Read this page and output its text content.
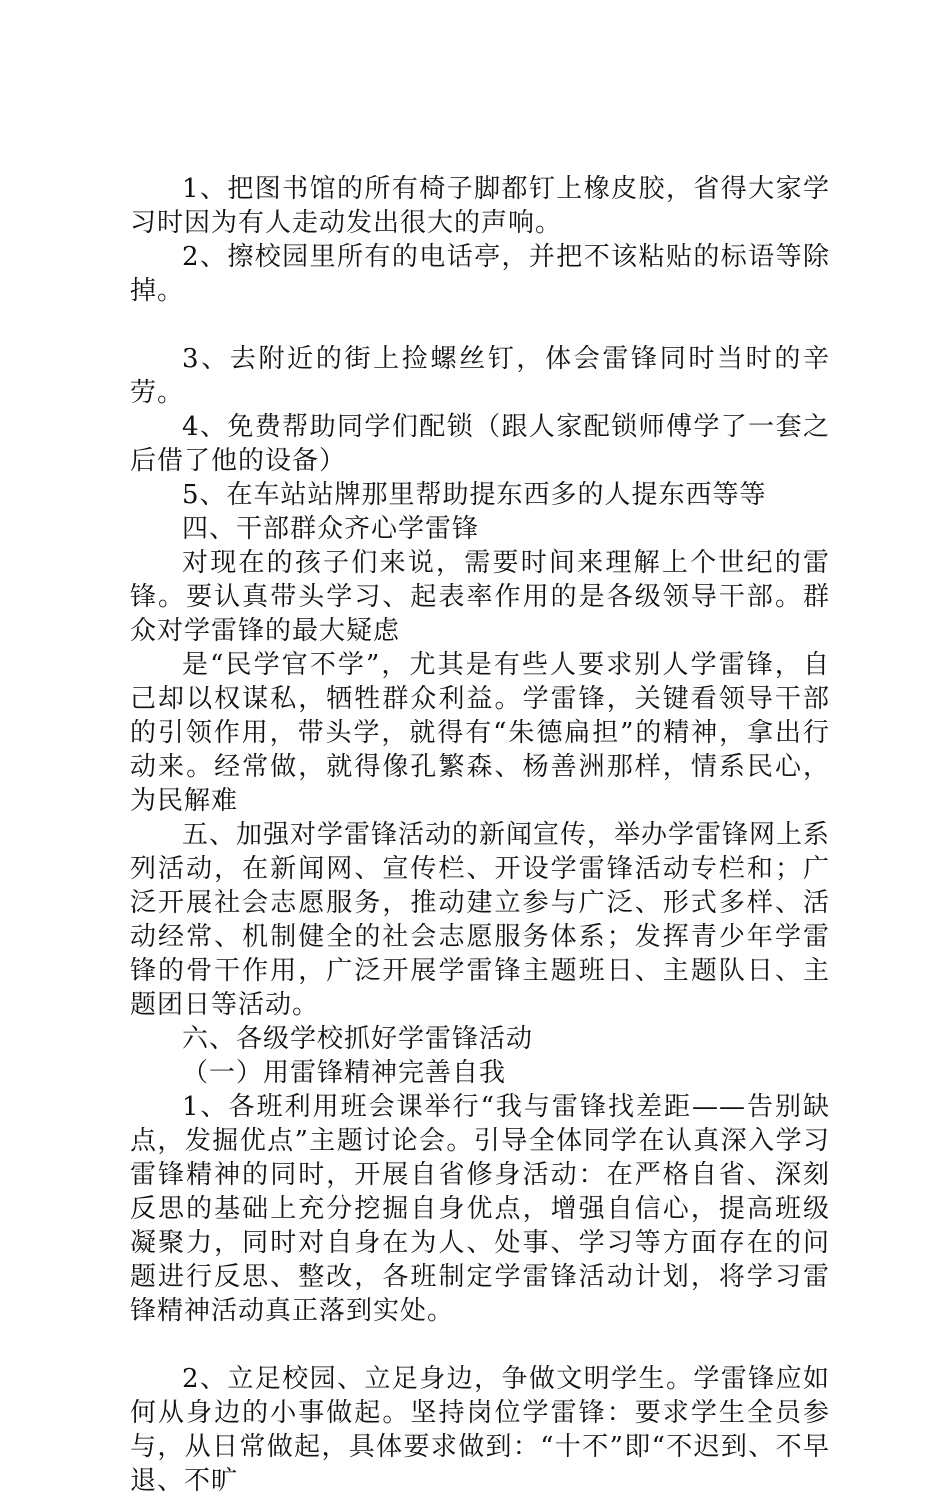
1、把图书馆的所有椅子脚都钉上橡皮胶，省得大家学习时因为有人走动发出很大的声响。

2、擦校园里所有的电话亭，并把不该粘贴的标语等除掉。

3、去附近的街上捡螺丝钉，体会雷锋同时当时的辛劳。

4、免费帮助同学们配锁（跟人家配锁师傅学了一套之后借了他的设备）

5、在车站站牌那里帮助提东西多的人提东西等等

四、干部群众齐心学雷锋

对现在的孩子们来说，需要时间来理解上个世纪的雷锋。要认真带头学习、起表率作用的是各级领导干部。群众对学雷锋的最大疑虑

是“民学官不学”，尤其是有些人要求别人学雷锋，自己却以权谋私，牺牲群众利益。学雷锋，关键看领导干部的引领作用，带头学，就得有“朱德扁担”的精神，拿出行动来。经常做，就得像孔繁森、杨善洲那样，情系民心，为民解难

五、加强对学雷锋活动的新闻宣传，举办学雷锋网上系列活动，在新闻网、宣传栏、开设学雷锋活动专栏和；广泛开展社会志愿服务，推动建立参与广泛、形式多样、活动经常、机制健全的社会志愿服务体系；发挥青少年学雷锋的骨干作用，广泛开展学雷锋主题班日、主题队日、主题团日等活动。

六、各级学校抓好学雷锋活动

（一）用雷锋精神完善自我

1、各班利用班会课举行“我与雷锋找差距——告别缺点，发掘优点”主题讨论会。引导全体同学在认真深入学习雷锋精神的同时，开展自省修身活动：在严格自省、深刻反思的基础上充分挖掘自身优点，增强自信心，提高班级凝聚力，同时对自身在为人、处事、学习等方面存在的问题进行反思、整改，各班制定学雷锋活动计划，将学习雷锋精神活动真正落到实处。

2、立足校园、立足身边，争做文明学生。学雷锋应如何从身边的小事做起。坚持岗位学雷锋：要求学生全员参与，从日常做起，具体要求做到：“十不”即“不迟到、不早退、不旷
